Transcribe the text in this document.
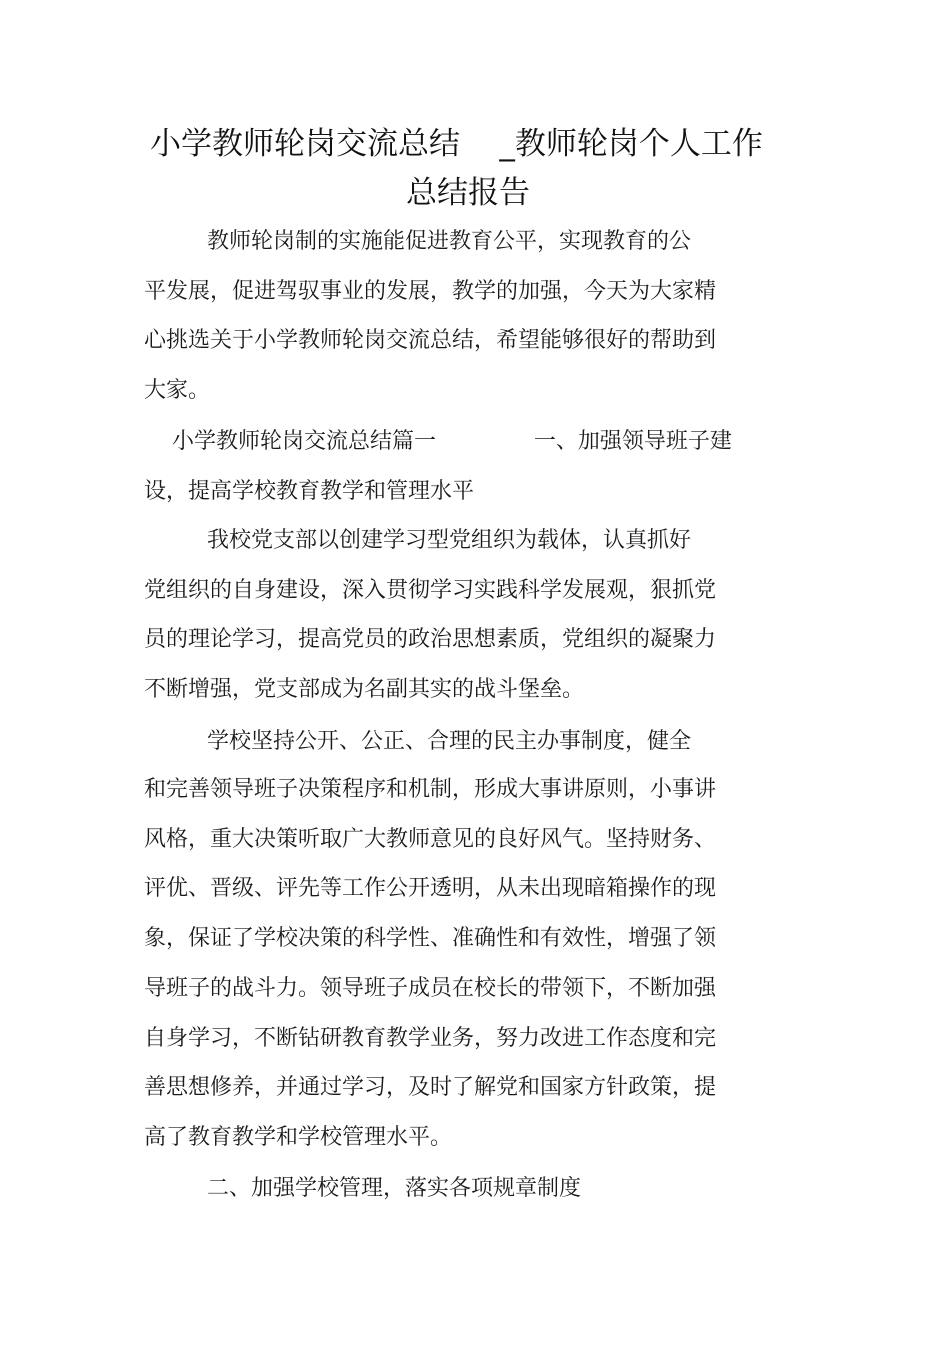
小学教师轮岗交流总结    _教师轮岗个人工作
总结报告
教师轮岗制的实施能促进教育公平，实现教育的公
平发展，促进驾驭事业的发展，教学的加强，今天为大家精
心挑选关于小学教师轮岗交流总结，希望能够很好的帮助到
大家。
小学教师轮岗交流总结篇一              一、加强领导班子建
设，提高学校教育教学和管理水平
我校党支部以创建学习型党组织为载体，认真抓好
党组织的自身建设，深入贯彻学习实践科学发展观，狠抓党
员的理论学习，提高党员的政治思想素质，党组织的凝聚力
不断增强，党支部成为名副其实的战斗堡垒。
学校坚持公开、公正、合理的民主办事制度，健全
和完善领导班子决策程序和机制，形成大事讲原则，小事讲
风格，重大决策听取广大教师意见的良好风气。坚持财务、
评优、晋级、评先等工作公开透明，从未出现暗箱操作的现
象，保证了学校决策的科学性、准确性和有效性，增强了领
导班子的战斗力。领导班子成员在校长的带领下，不断加强
自身学习，不断钻研教育教学业务，努力改进工作态度和完
善思想修养，并通过学习，及时了解党和国家方针政策，提
高了教育教学和学校管理水平。
二、加强学校管理，落实各项规章制度
